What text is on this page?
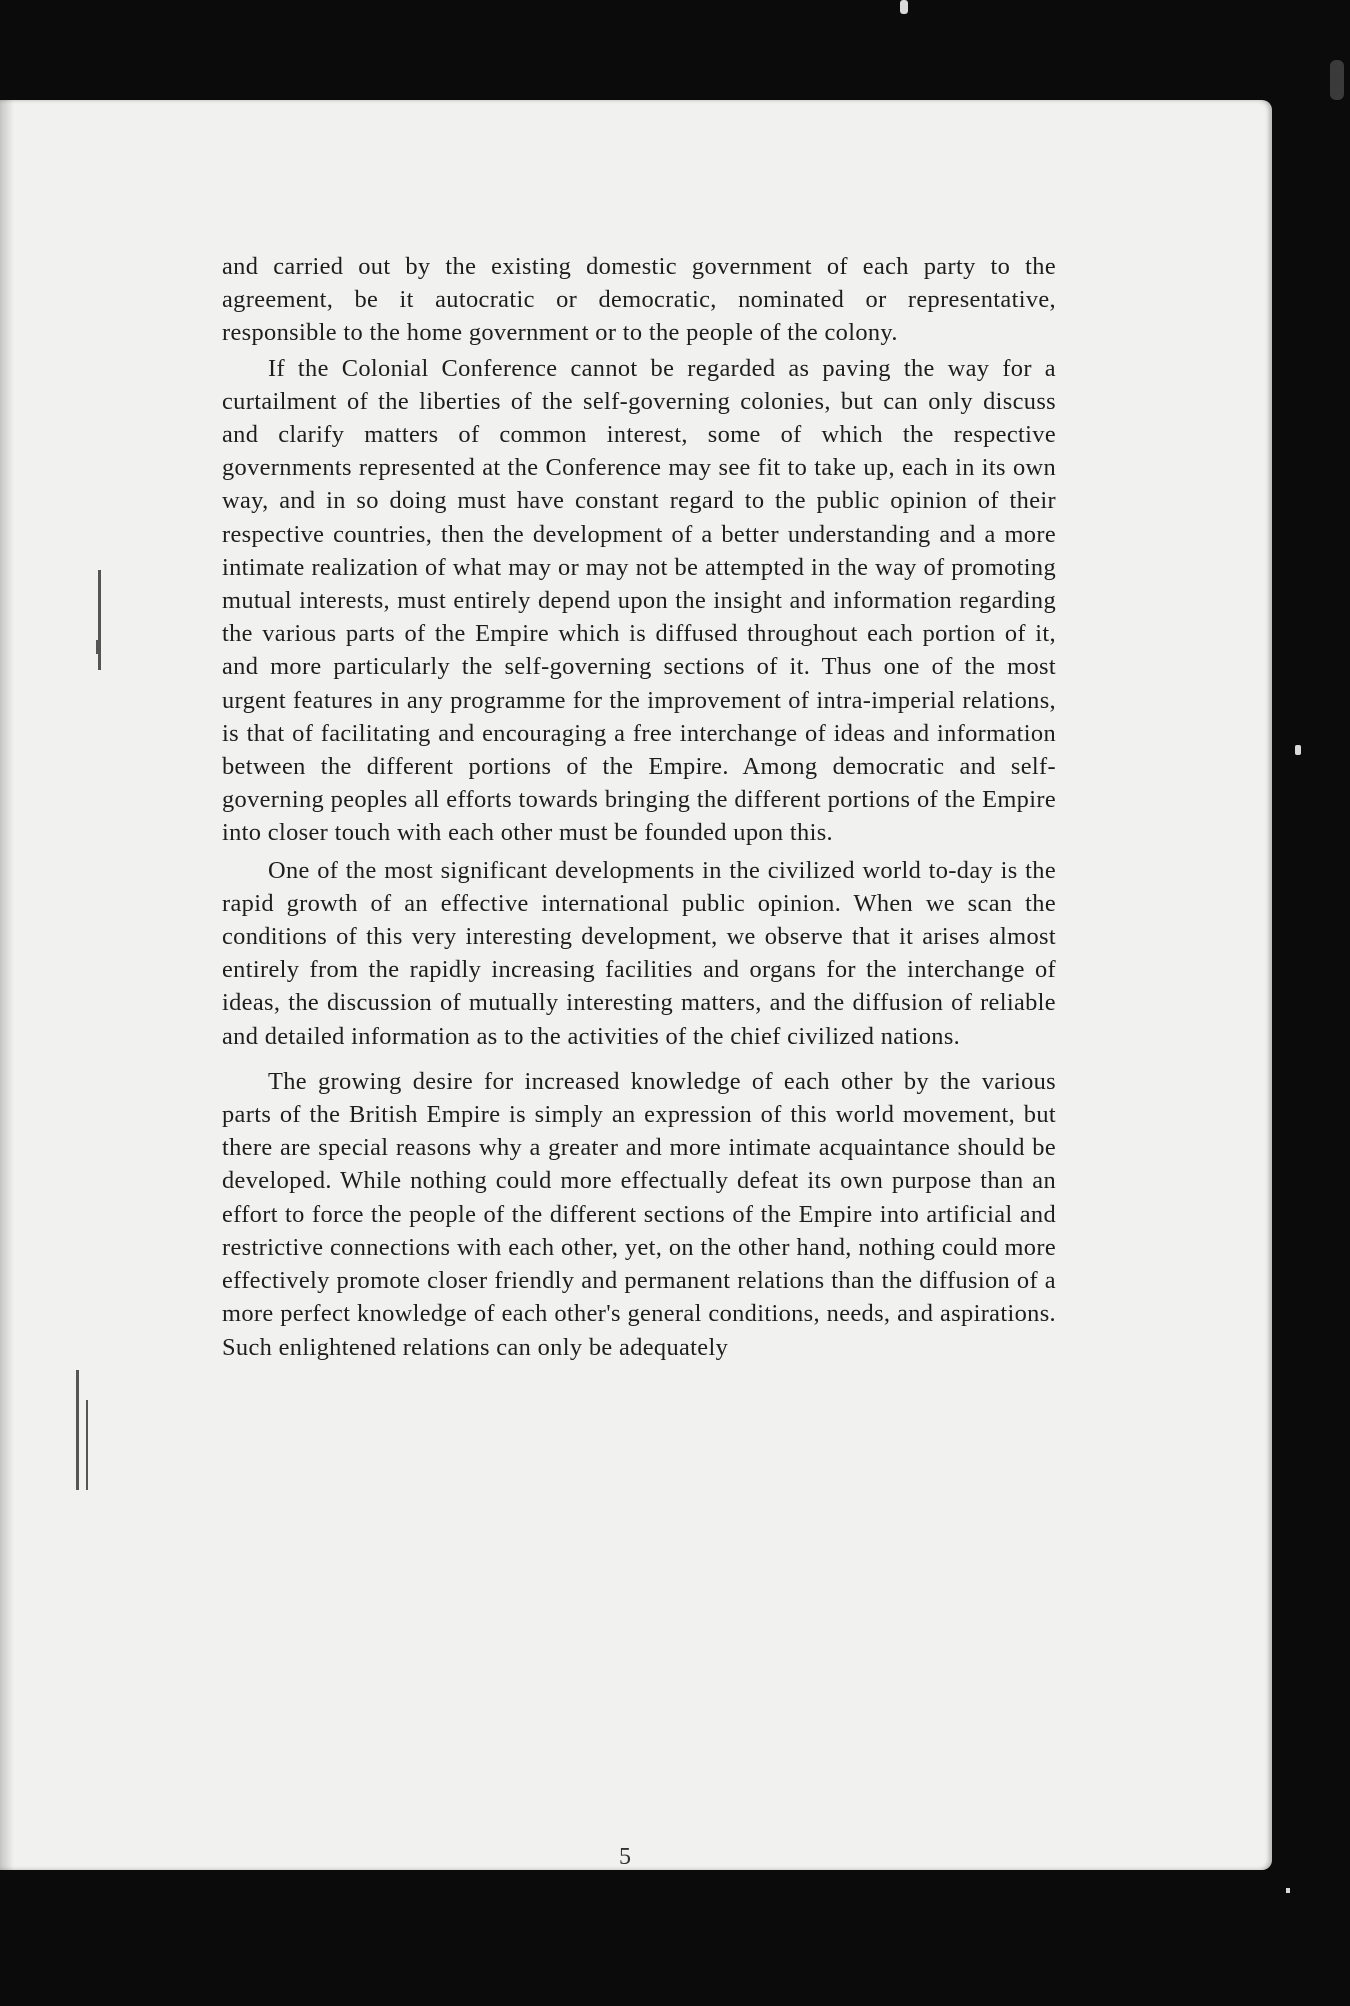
and carried out by the existing domestic government of each party to the agreement, be it autocratic or democratic, nominated or representative, responsible to the home government or to the people of the colony.

If the Colonial Conference cannot be regarded as paving the way for a curtailment of the liberties of the self-governing colonies, but can only discuss and clarify matters of common interest, some of which the respective governments represented at the Conference may see fit to take up, each in its own way, and in so doing must have constant regard to the public opinion of their respective countries, then the development of a better understanding and a more intimate realization of what may or may not be attempted in the way of promoting mutual interests, must entirely depend upon the insight and information regarding the various parts of the Empire which is diffused throughout each portion of it, and more particularly the self-governing sections of it. Thus one of the most urgent features in any programme for the improvement of intra-imperial relations, is that of facilitating and encouraging a free interchange of ideas and information between the different portions of the Empire. Among democratic and self-governing peoples all efforts towards bringing the different portions of the Empire into closer touch with each other must be founded upon this.

One of the most significant developments in the civilized world to-day is the rapid growth of an effective international public opinion. When we scan the conditions of this very interesting development, we observe that it arises almost entirely from the rapidly increasing facilities and organs for the interchange of ideas, the discussion of mutually interesting matters, and the diffusion of reliable and detailed information as to the activities of the chief civilized nations.

The growing desire for increased knowledge of each other by the various parts of the British Empire is simply an expression of this world movement, but there are special reasons why a greater and more intimate acquaintance should be developed. While nothing could more effectually defeat its own purpose than an effort to force the people of the different sections of the Empire into artificial and restrictive connections with each other, yet, on the other hand, nothing could more effectively promote closer friendly and permanent relations than the diffusion of a more perfect knowledge of each other's general conditions, needs, and aspirations. Such enlightened relations can only be adequately

5
